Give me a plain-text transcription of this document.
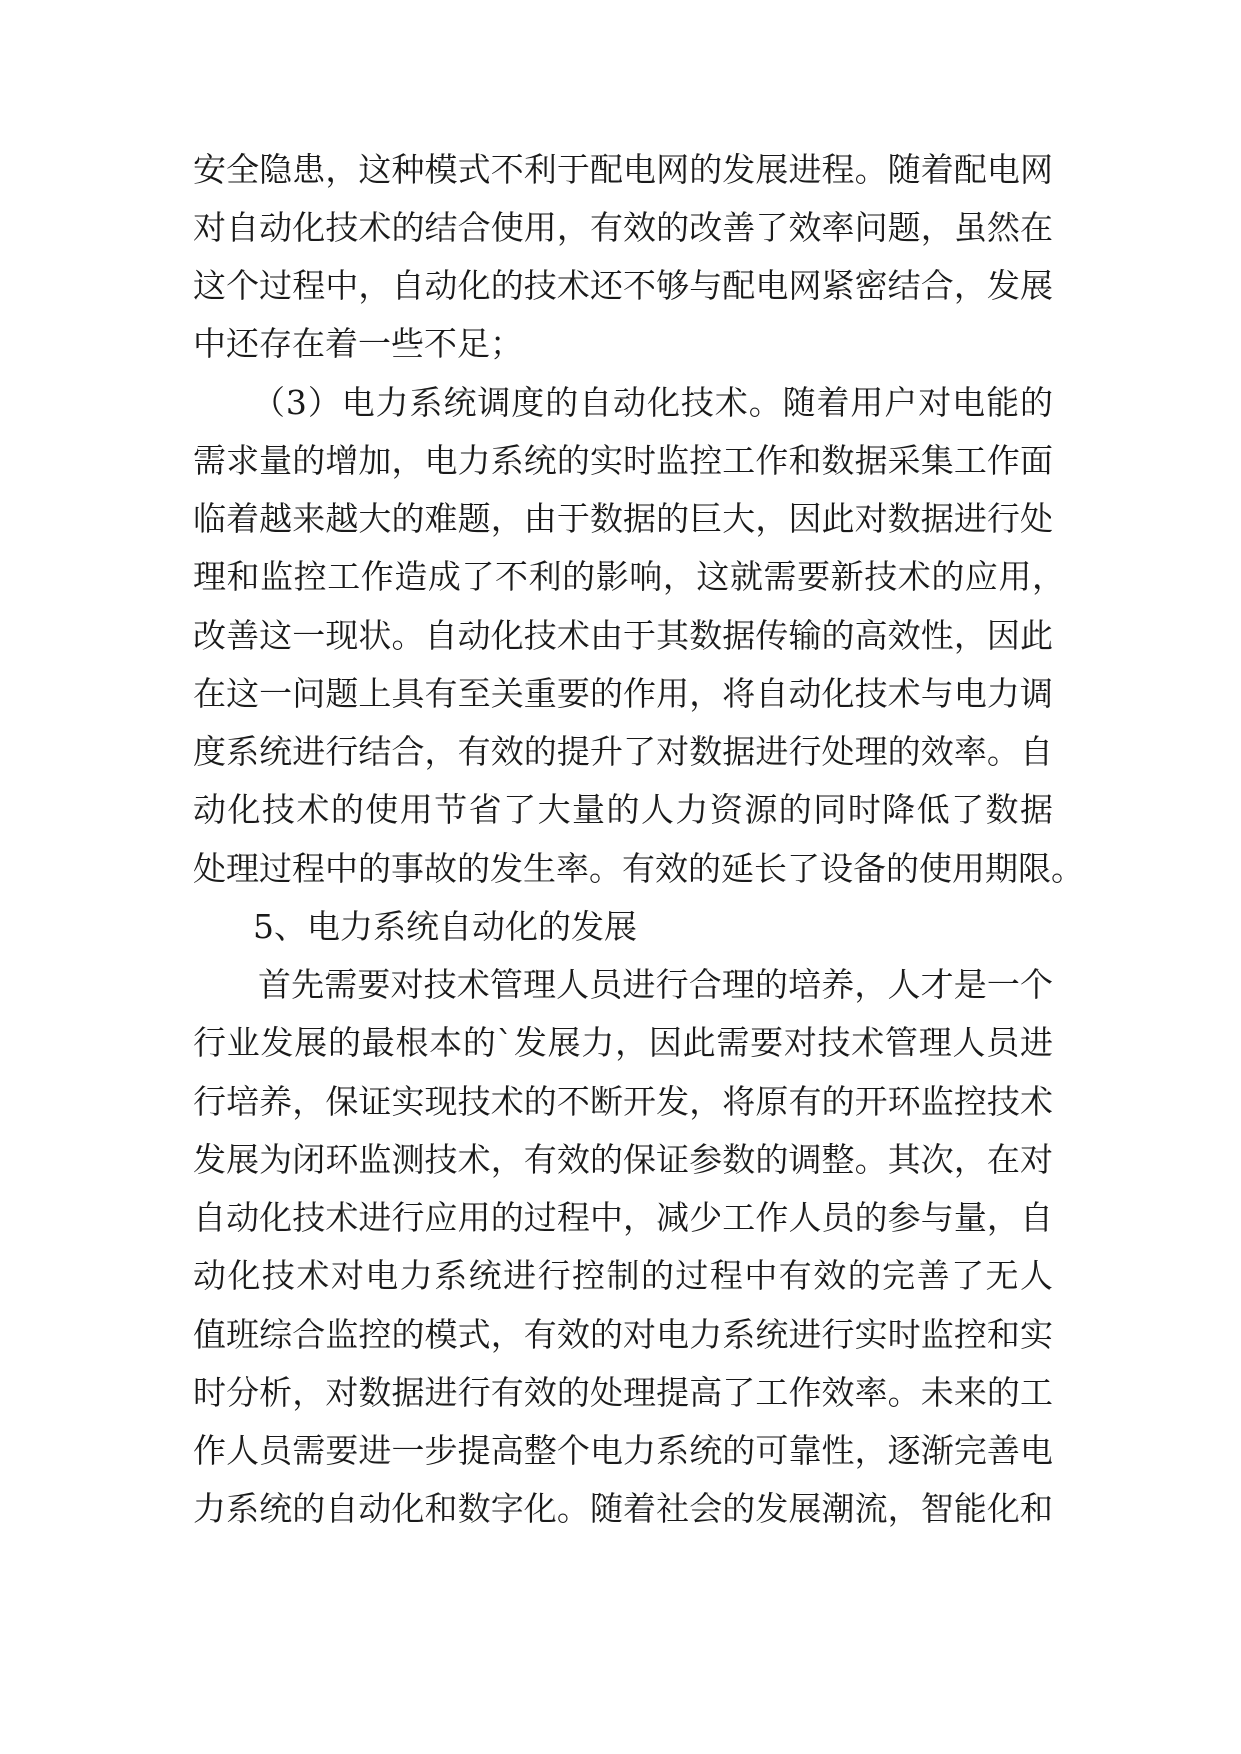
安全隐患，这种模式不利于配电网的发展进程。随着配电网
对自动化技术的结合使用，有效的改善了效率问题，虽然在
这个过程中，自动化的技术还不够与配电网紧密结合，发展
中还存在着一些不足；
（3）电力系统调度的自动化技术。随着用户对电能的
需求量的增加，电力系统的实时监控工作和数据采集工作面
临着越来越大的难题，由于数据的巨大，因此对数据进行处
理和监控工作造成了不利的影响，这就需要新技术的应用，
改善这一现状。自动化技术由于其数据传输的高效性，因此
在这一问题上具有至关重要的作用，将自动化技术与电力调
度系统进行结合，有效的提升了对数据进行处理的效率。自
动化技术的使用节省了大量的人力资源的同时降低了数据
处理过程中的事故的发生率。有效的延长了设备的使用期限。
5、电力系统自动化的发展
首先需要对技术管理人员进行合理的培养，人才是一个
行业发展的最根本的`发展力，因此需要对技术管理人员进
行培养，保证实现技术的不断开发，将原有的开环监控技术
发展为闭环监测技术，有效的保证参数的调整。其次，在对
自动化技术进行应用的过程中，减少工作人员的参与量，自
动化技术对电力系统进行控制的过程中有效的完善了无人
值班综合监控的模式，有效的对电力系统进行实时监控和实
时分析，对数据进行有效的处理提高了工作效率。未来的工
作人员需要进一步提高整个电力系统的可靠性，逐渐完善电
力系统的自动化和数字化。随着社会的发展潮流，智能化和
